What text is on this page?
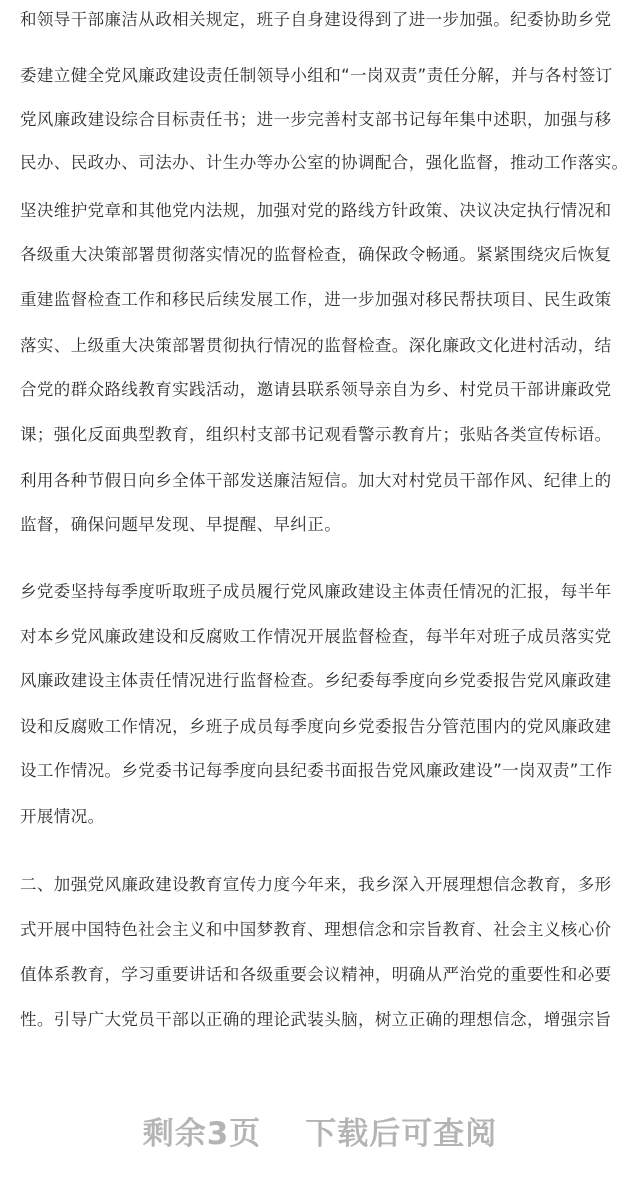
和领导干部廉洁从政相关规定，班子自身建设得到了进一步加强。纪委协助乡党
委建立健全党风廉政建设责任制领导小组和“一岗双责”责任分解，并与各村签订
党风廉政建设综合目标责任书；进一步完善村支部书记每年集中述职，加强与移
民办、民政办、司法办、计生办等办公室的协调配合，强化监督，推动工作落实。
坚决维护党章和其他党内法规，加强对党的路线方针政策、决议决定执行情况和
各级重大决策部署贯彻落实情况的监督检查，确保政令畅通。紧紧围绕灾后恢复
重建监督检查工作和移民后续发展工作，进一步加强对移民帮扶项目、民生政策
落实、上级重大决策部署贯彻执行情况的监督检查。深化廉政文化进村活动，结
合党的群众路线教育实践活动，邀请县联系领导亲自为乡、村党员干部讲廉政党
课；强化反面典型教育，组织村支部书记观看警示教育片；张贴各类宣传标语。
利用各种节假日向乡全体干部发送廉洁短信。加大对村党员干部作风、纪律上的
监督，确保问题早发现、早提醒、早纠正。
乡党委坚持每季度听取班子成员履行党风廉政建设主体责任情况的汇报，每半年
对本乡党风廉政建设和反腐败工作情况开展监督检查，每半年对班子成员落实党
风廉政建设主体责任情况进行监督检查。乡纪委每季度向乡党委报告党风廉政建
设和反腐败工作情况，乡班子成员每季度向乡党委报告分管范围内的党风廉政建
设工作情况。乡党委书记每季度向县纪委书面报告党风廉政建设”一岗双责”工作
开展情况。
二、加强党风廉政建设教育宣传力度今年来，我乡深入开展理想信念教育，多形
式开展中国特色社会主义和中国梦教育、理想信念和宗旨教育、社会主义核心价
值体系教育，学习重要讲话和各级重要会议精神，明确从严治党的重要性和必要
性。引导广大党员干部以正确的理论武装头脑，树立正确的理想信念，增强宗旨
剩余3页 下载后可查阅
